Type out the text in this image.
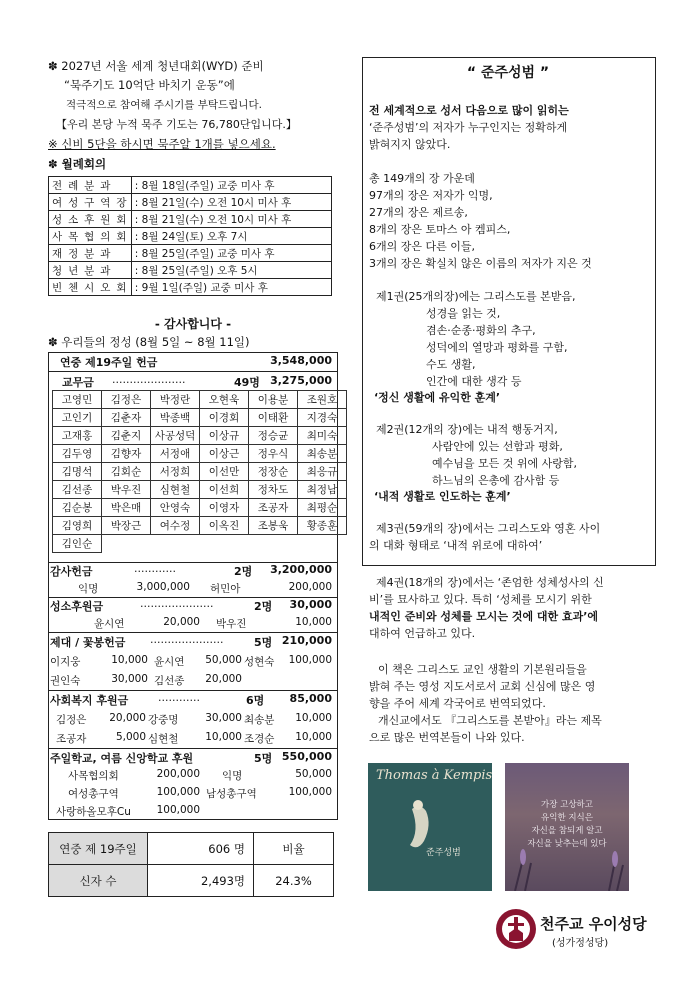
✽ 2027년 서울 세계 청년대회(WYD) 준비
“묵주기도 10억단 바치기 운동”에
적극적으로 참여해 주시기를 부탁드립니다.
【우리 본당 누적 묵주 기도는 76,780단입니다.】
※ 신비 5단을 하시면 묵주알 1개를 넣으세요.
✽ 월례회의
전 례 분 과	: 8월 18일(주일) 교중 미사 후
여 성 구 역 장	: 8월 21일(수) 오전 10시 미사 후
성 소 후 원 회	: 8월 21일(수) 오전 10시 미사 후
사 목 협 의 회	: 8월 24일(토) 오후 7시
재 정 분 과	: 8월 25일(주일) 교중 미사 후
청 년 분 과	: 8월 25일(주일) 오후 5시
빈 첸 시 오 회	: 9월 1일(주일) 교중 미사 후
- 감사합니다 -
✽ 우리들의 정성 (8월 5일 ~ 8월 11일)
연중 제19주일 헌금	3,548,000
교무금 …………………	49명 3,275,000
고영민	김정은	박정란	오현욱	이용분	조원호
고인기	김춘자	박종백	이경회	이태환	지경숙
고재홍	김춘지	사공성덕	이상규	정승균	최미숙
김두영	김향자	서정애	이상근	정우식	최송분
김명석	김회순	서정희	이선만	정장순	최응규
김선종	박우진	심현철	이선희	정차도	최정남
김순봉	박은매	안영숙	이영자	조공자	최평순
김영희	박장근	여수정	이옥진	조봉욱	황종훈
김인순					
감사헌금	…………	2명	3,200,000
익명	3,000,000 허민아	200,000
성소후원금	…………………	2명	30,000
윤시연	20,000 박우진	10,000
제대 / 꽃봉헌금 …………………	5명 210,000
이지웅	10,000 윤시연	50,000 성현숙	100,000
권인숙	30,000 김선종	20,000
사회복지 후원금	…………	6명	85,000
김정은	20,000 강중명	30,000 최송분	10,000
조공자	5,000 심현철	10,000 조경순	10,000
주일학교, 여름 신앙학교 후원	5명 550,000
사목협의회	200,000 익명	50,000
여성총구역	100,000 남성총구역	100,000
사랑하올모후Cu	100,000
연중 제 19주일	606 명	비율
신자 수	2,493명	24.3%
“ 준주성범 ”
전 세계적으로 성서 다음으로 많이 읽히는
‘준주성범’의 저자가 누구인지는 정확하게
밝혀지지 않았다.
총 149개의 장 가운데
97개의 장은 저자가 익명,
27개의 장은 제르송,
8개의 장은 토마스 아 켐피스,
6개의 장은 다른 이들,
3개의 장은 확실치 않은 이름의 저자가 지은 것
제1권(25개의장)에는 그리스도를 본받음,
성경을 읽는 것,
겸손·순종·평화의 추구,
성덕에의 열망과 평화를 구함,
수도 생활,
인간에 대한 생각 등
‘정신 생활에 유익한 훈계’
제2권(12개의 장)에는 내적 행동거지,
사람안에 있는 선함과 평화,
예수님을 모든 것 위에 사랑함,
하느님의 은총에 감사함 등
‘내적 생활로 인도하는 훈계’
제3권(59개의 장)에서는 그리스도와 영혼 사이
의 대화 형태로 ‘내적 위로에 대하여’
제4권(18개의 장)에서는 ‘존엄한 성체성사의 신
비’를 묘사하고 있다. 특히 ‘성체를 모시기 위한
내적인 준비와 성체를 모시는 것에 대한 효과’에
대하여 언급하고 있다.
이 책은 그리스도 교인 생활의 기본원리들을
밝혀 주는 영성 지도서로서 교회 신심에 많은 영
향을 주어 세계 각국어로 번역되었다.
개신교에서도 『그리스도를 본받아』라는 제목
으로 많은 번역본들이 나와 있다.
Thomas à Kempis
준주성범
가장 고상하고
유익한 지식은
자신을 참되게 알고
자신을 낮추는데 있다
천주교 우이성당
(성가정성당)
